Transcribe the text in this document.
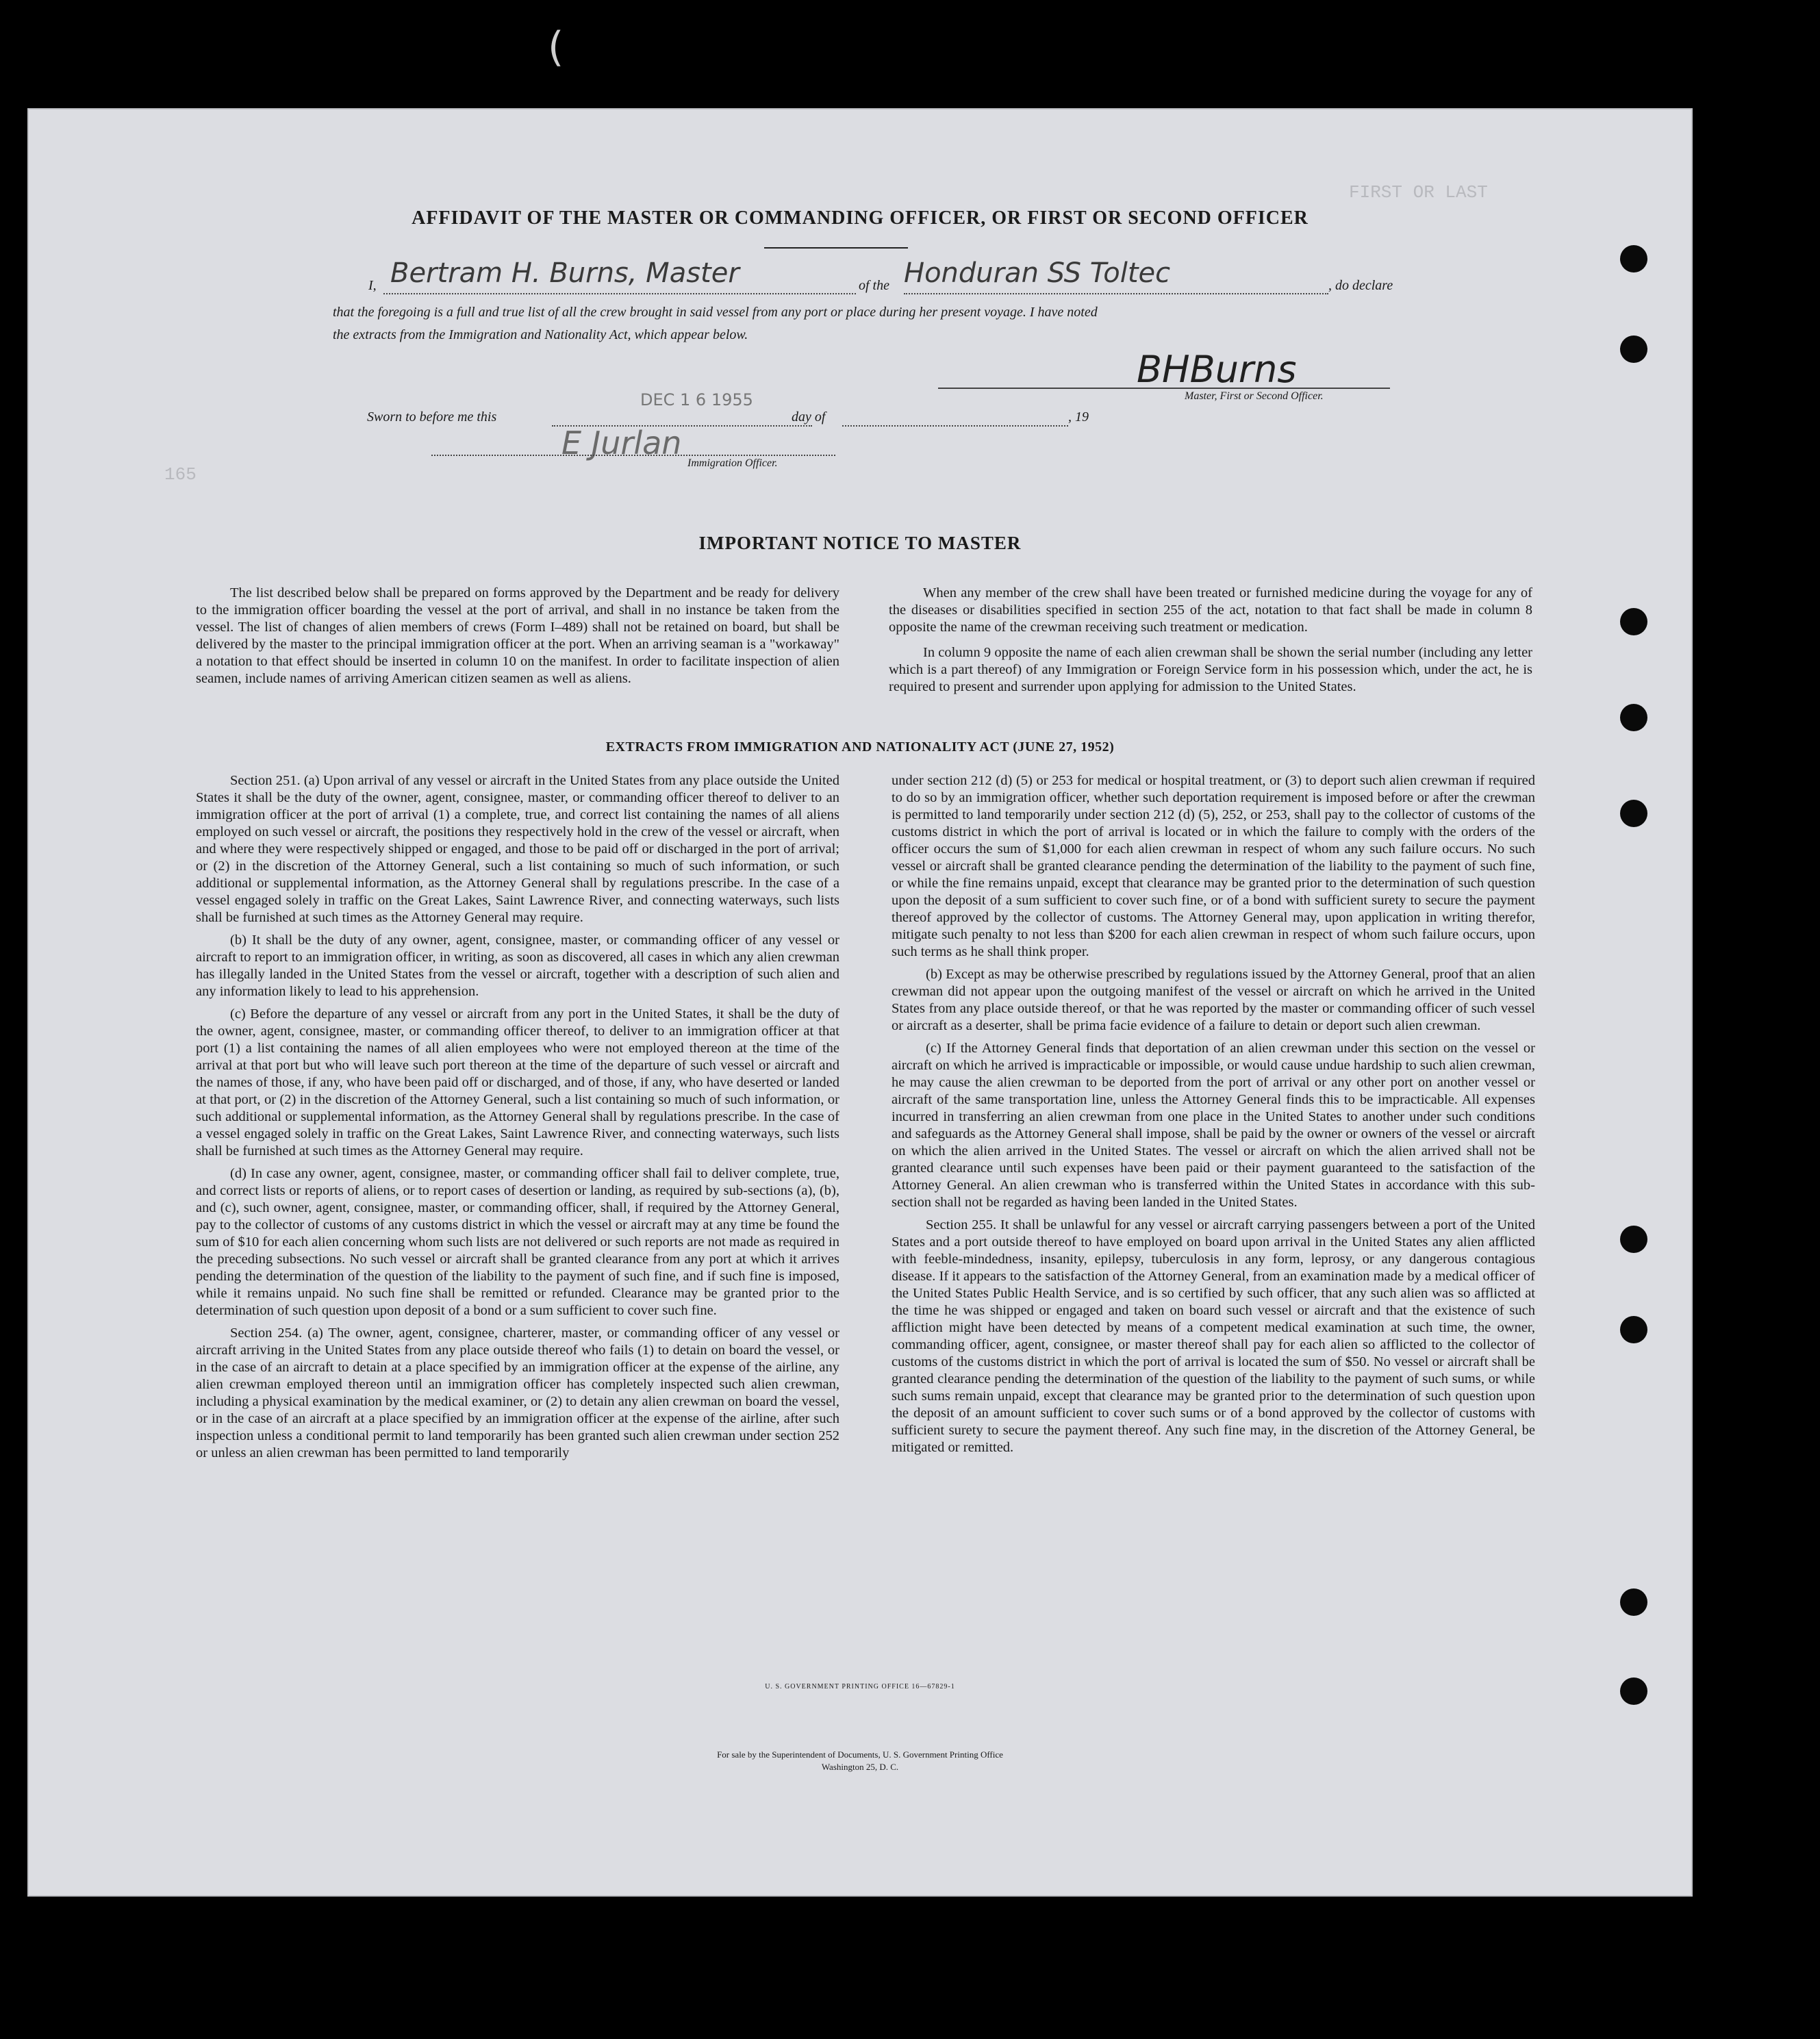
(

FIRST OR LAST
165
AFFIDAVIT OF THE MASTER OR COMMANDING OFFICER, OR FIRST OR SECOND OFFICER
I, Bertram H. Burns, Master	of the Honduran SS Toltec	, do declare

that the foregoing is a full and true list of all the crew brought in said vessel from any port or place during her present voyage. I have noted

the extracts from the Immigration and Nationality Act, which appear below.

BHBurns
Master, First or Second Officer.
Sworn to before me this
DEC 1 6 1955
day of	, 19
E Jurlan
Immigration Officer.
IMPORTANT NOTICE TO MASTER

The list described below shall be prepared on forms approved by the Department and be ready for delivery to the immigration officer boarding the vessel at the port of arrival, and shall in no instance be taken from the vessel. The list of changes of alien members of crews (Form I–489) shall not be retained on board, but shall be delivered by the master to the principal immigration officer at the port. When an arriving seaman is a "workaway" a notation to that effect should be inserted in column 10 on the manifest. In order to facilitate inspection of alien seamen, include names of arriving American citizen seamen as well as aliens.

When any member of the crew shall have been treated or furnished medicine during the voyage for any of the diseases or disabilities specified in section 255 of the act, notation to that fact shall be made in column 8 opposite the name of the crewman receiving such treatment or medication.

In column 9 opposite the name of each alien crewman shall be shown the serial number (including any letter which is a part thereof) of any Immigration or Foreign Service form in his possession which, under the act, he is required to present and surrender upon applying for admission to the United States.

EXTRACTS FROM IMMIGRATION AND NATIONALITY ACT (JUNE 27, 1952)

Section 251. (a) Upon arrival of any vessel or aircraft in the United States from any place outside the United States it shall be the duty of the owner, agent, consignee, master, or commanding officer thereof to deliver to an immigration officer at the port of arrival (1) a complete, true, and correct list containing the names of all aliens employed on such vessel or aircraft, the positions they respectively hold in the crew of the vessel or aircraft, when and where they were respectively shipped or engaged, and those to be paid off or discharged in the port of arrival; or (2) in the discretion of the Attorney General, such a list containing so much of such information, or such additional or supplemental information, as the Attorney General shall by regulations prescribe. In the case of a vessel engaged solely in traffic on the Great Lakes, Saint Lawrence River, and connecting waterways, such lists shall be furnished at such times as the Attorney General may require.

(b) It shall be the duty of any owner, agent, consignee, master, or commanding officer of any vessel or aircraft to report to an immigration officer, in writing, as soon as discovered, all cases in which any alien crewman has illegally landed in the United States from the vessel or aircraft, together with a description of such alien and any information likely to lead to his apprehension.

(c) Before the departure of any vessel or aircraft from any port in the United States, it shall be the duty of the owner, agent, consignee, master, or commanding officer thereof, to deliver to an immigration officer at that port (1) a list containing the names of all alien employees who were not employed thereon at the time of the arrival at that port but who will leave such port thereon at the time of the departure of such vessel or aircraft and the names of those, if any, who have been paid off or discharged, and of those, if any, who have deserted or landed at that port, or (2) in the discretion of the Attorney General, such a list containing so much of such information, or such additional or supplemental information, as the Attorney General shall by regulations prescribe. In the case of a vessel engaged solely in traffic on the Great Lakes, Saint Lawrence River, and connecting waterways, such lists shall be furnished at such times as the Attorney General may require.

(d) In case any owner, agent, consignee, master, or commanding officer shall fail to deliver complete, true, and correct lists or reports of aliens, or to report cases of desertion or landing, as required by sub-sections (a), (b), and (c), such owner, agent, consignee, master, or commanding officer, shall, if required by the Attorney General, pay to the collector of customs of any customs district in which the vessel or aircraft may at any time be found the sum of $10 for each alien concerning whom such lists are not delivered or such reports are not made as required in the preceding subsections. No such vessel or aircraft shall be granted clearance from any port at which it arrives pending the determination of the question of the liability to the payment of such fine, and if such fine is imposed, while it remains unpaid. No such fine shall be remitted or refunded. Clearance may be granted prior to the determination of such question upon deposit of a bond or a sum sufficient to cover such fine.

Section 254. (a) The owner, agent, consignee, charterer, master, or commanding officer of any vessel or aircraft arriving in the United States from any place outside thereof who fails (1) to detain on board the vessel, or in the case of an aircraft to detain at a place specified by an immigration officer at the expense of the airline, any alien crewman employed thereon until an immigration officer has completely inspected such alien crewman, including a physical examination by the medical examiner, or (2) to detain any alien crewman on board the vessel, or in the case of an aircraft at a place specified by an immigration officer at the expense of the airline, after such inspection unless a conditional permit to land temporarily has been granted such alien crewman under section 252 or unless an alien crewman has been permitted to land temporarily

under section 212 (d) (5) or 253 for medical or hospital treatment, or (3) to deport such alien crewman if required to do so by an immigration officer, whether such deportation requirement is imposed before or after the crewman is permitted to land temporarily under section 212 (d) (5), 252, or 253, shall pay to the collector of customs of the customs district in which the port of arrival is located or in which the failure to comply with the orders of the officer occurs the sum of $1,000 for each alien crewman in respect of whom any such failure occurs. No such vessel or aircraft shall be granted clearance pending the determination of the liability to the payment of such fine, or while the fine remains unpaid, except that clearance may be granted prior to the determination of such question upon the deposit of a sum sufficient to cover such fine, or of a bond with sufficient surety to secure the payment thereof approved by the collector of customs. The Attorney General may, upon application in writing therefor, mitigate such penalty to not less than $200 for each alien crewman in respect of whom such failure occurs, upon such terms as he shall think proper.

(b) Except as may be otherwise prescribed by regulations issued by the Attorney General, proof that an alien crewman did not appear upon the outgoing manifest of the vessel or aircraft on which he arrived in the United States from any place outside thereof, or that he was reported by the master or commanding officer of such vessel or aircraft as a deserter, shall be prima facie evidence of a failure to detain or deport such alien crewman.

(c) If the Attorney General finds that deportation of an alien crewman under this section on the vessel or aircraft on which he arrived is impracticable or impossible, or would cause undue hardship to such alien crewman, he may cause the alien crewman to be deported from the port of arrival or any other port on another vessel or aircraft of the same transportation line, unless the Attorney General finds this to be impracticable. All expenses incurred in transferring an alien crewman from one place in the United States to another under such conditions and safeguards as the Attorney General shall impose, shall be paid by the owner or owners of the vessel or aircraft on which the alien arrived in the United States. The vessel or aircraft on which the alien arrived shall not be granted clearance until such expenses have been paid or their payment guaranteed to the satisfaction of the Attorney General. An alien crewman who is transferred within the United States in accordance with this sub-section shall not be regarded as having been landed in the United States.

Section 255. It shall be unlawful for any vessel or aircraft carrying passengers between a port of the United States and a port outside thereof to have employed on board upon arrival in the United States any alien afflicted with feeble-mindedness, insanity, epilepsy, tuberculosis in any form, leprosy, or any dangerous contagious disease. If it appears to the satisfaction of the Attorney General, from an examination made by a medical officer of the United States Public Health Service, and is so certified by such officer, that any such alien was so afflicted at the time he was shipped or engaged and taken on board such vessel or aircraft and that the existence of such affliction might have been detected by means of a competent medical examination at such time, the owner, commanding officer, agent, consignee, or master thereof shall pay for each alien so afflicted to the collector of customs of the customs district in which the port of arrival is located the sum of $50. No vessel or aircraft shall be granted clearance pending the determination of the question of the liability to the payment of such sums, or while such sums remain unpaid, except that clearance may be granted prior to the determination of such question upon the deposit of an amount sufficient to cover such sums or of a bond approved by the collector of customs with sufficient surety to secure the payment thereof. Any such fine may, in the discretion of the Attorney General, be mitigated or remitted.

U. S. GOVERNMENT PRINTING OFFICE 16—67829-1

For sale by the Superintendent of Documents, U. S. Government Printing Office
Washington 25, D. C.
